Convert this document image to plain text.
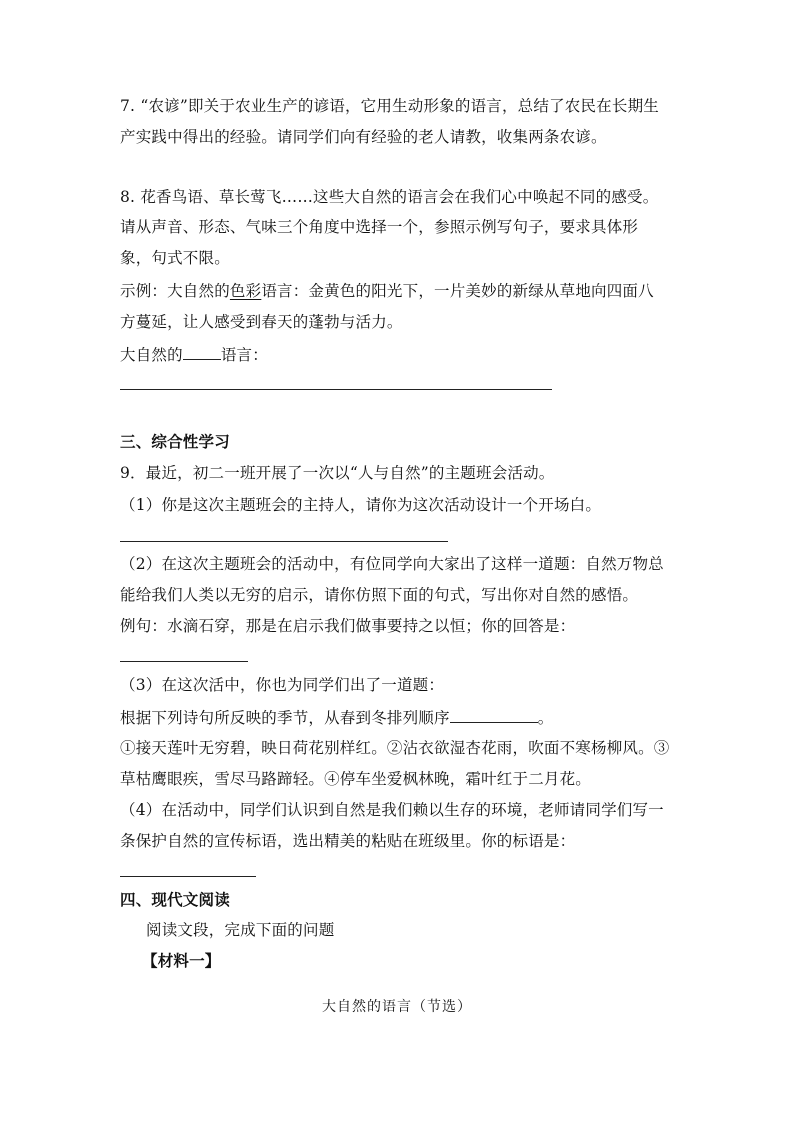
7. “农谚”即关于农业生产的谚语，它用生动形象的语言，总结了农民在长期生

产实践中得出的经验。请同学们向有经验的老人请教，收集两条农谚。

8. 花香鸟语、草长莺飞……这些大自然的语言会在我们心中唤起不同的感受。

请从声音、形态、气味三个角度中选择一个，参照示例写句子，要求具体形

象，句式不限。

示例：大自然的色彩语言：金黄色的阳光下，一片美妙的新绿从草地向四面八

方蔓延，让人感受到春天的蓬勃与活力。

大自然的 语言：

三、综合性学习

9．最近，初二一班开展了一次以“人与自然”的主题班会活动。

（1）你是这次主题班会的主持人，请你为这次活动设计一个开场白。

（2）在这次主题班会的活动中，有位同学向大家出了这样一道题：自然万物总

能给我们人类以无穷的启示，请你仿照下面的句式，写出你对自然的感悟。

例句：水滴石穿，那是在启示我们做事要持之以恒；你的回答是：

（3）在这次活中，你也为同学们出了一道题：

根据下列诗句所反映的季节，从春到冬排列顺序	。

①接天莲叶无穷碧，映日荷花别样红。②沾衣欲湿杏花雨，吹面不寒杨柳风。③

草枯鹰眼疾，雪尽马路蹄轻。④停车坐爱枫林晚，霜叶红于二月花。

（4）在活动中，同学们认识到自然是我们赖以生存的环境，老师请同学们写一

条保护自然的宣传标语，选出精美的粘贴在班级里。你的标语是：

四、现代文阅读

阅读文段，完成下面的问题

【材料一】

大自然的语言（节选）
